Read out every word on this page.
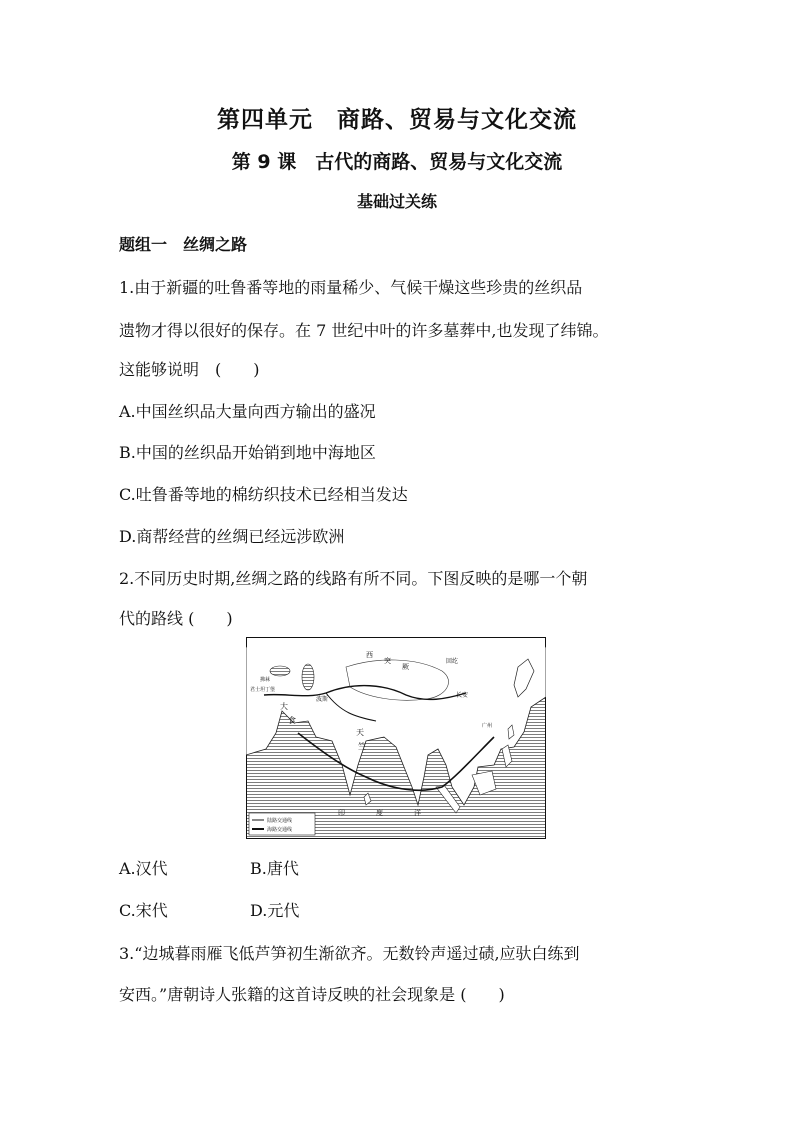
第四单元　商路、贸易与文化交流
第 9 课　古代的商路、贸易与文化交流
基础过关练
题组一　丝绸之路
1.由于新疆的吐鲁番等地的雨量稀少、气候干燥这些珍贵的丝织品
遗物才得以很好的保存。在 7 世纪中叶的许多墓葬中,也发现了纬锦。
这能够说明　(　　)
A.中国丝织品大量向西方输出的盛况
B.中国的丝织品开始销到地中海地区
C.吐鲁番等地的棉纺织技术已经相当发达
D.商帮经营的丝绸已经远涉欧洲
2.不同历史时期,丝绸之路的线路有所不同。下图反映的是哪一个朝
代的路线 (　　)
拂菻
君士坦丁堡
大
食
波斯
天
竺
西
突
厥
回纥
长安
广州
印	度	洋
陆路交通线
海路交通线
A.汉代	B.唐代
C.宋代	D.元代
3.“边城暮雨雁飞低芦笋初生渐欲齐。无数铃声遥过碛,应驮白练到
安西。”唐朝诗人张籍的这首诗反映的社会现象是 (　　)
